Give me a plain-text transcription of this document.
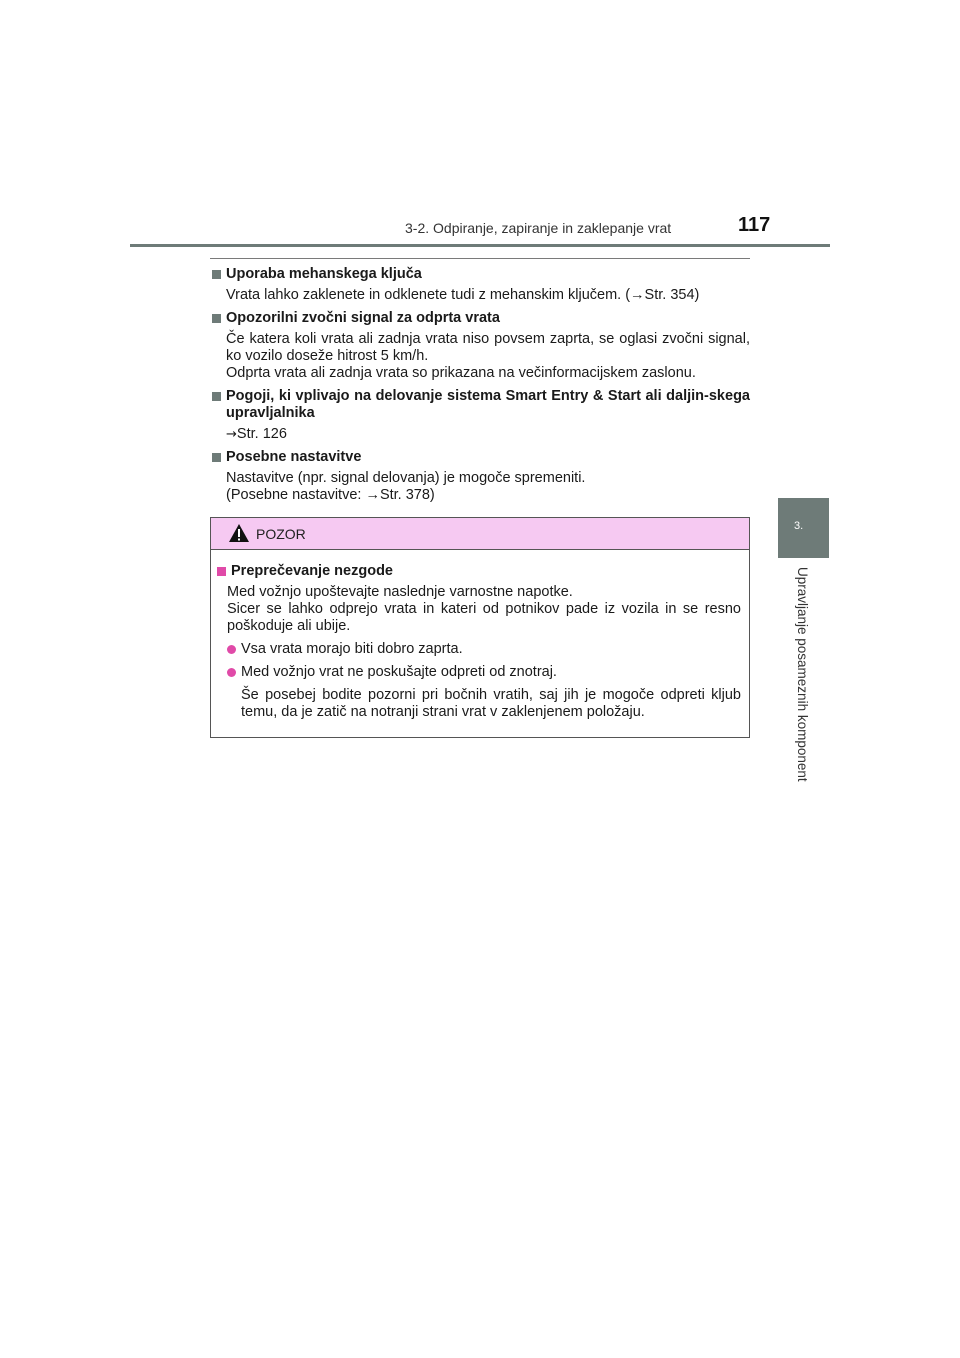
3-2. Odpiranje, zapiranje in zaklepanje vrat	117
3.
Upravljanje posameznih komponent
Uporaba mehanskega ključa

Vrata lahko zaklenete in odklenete tudi z mehanskim ključem. (→Str. 354)

Opozorilni zvočni signal za odprta vrata

Če katera koli vrata ali zadnja vrata niso povsem zaprta, se oglasi zvočni signal, ko vozilo doseže hitrost 5 km/h.

Odprta vrata ali zadnja vrata so prikazana na večinformacijskem zaslonu.

Pogoji, ki vplivajo na delovanje sistema Smart Entry & Start ali daljin-skega upravljalnika
→Str. 126
Posebne nastavitve

Nastavitve (npr. signal delovanja) je mogoče spremeniti.

(Posebne nastavitve: →Str. 378)

POZOR
Preprečevanje nezgode

Med vožnjo upoštevajte naslednje varnostne napotke.

Sicer se lahko odprejo vrata in kateri od potnikov pade iz vozila in se resno poškoduje ali ubije.

Vsa vrata morajo biti dobro zaprta.
Med vožnjo vrat ne poskušajte odpreti od znotraj.
Še posebej bodite pozorni pri bočnih vratih, saj jih je mogoče odpreti kljub temu, da je zatič na notranji strani vrat v zaklenjenem položaju.
